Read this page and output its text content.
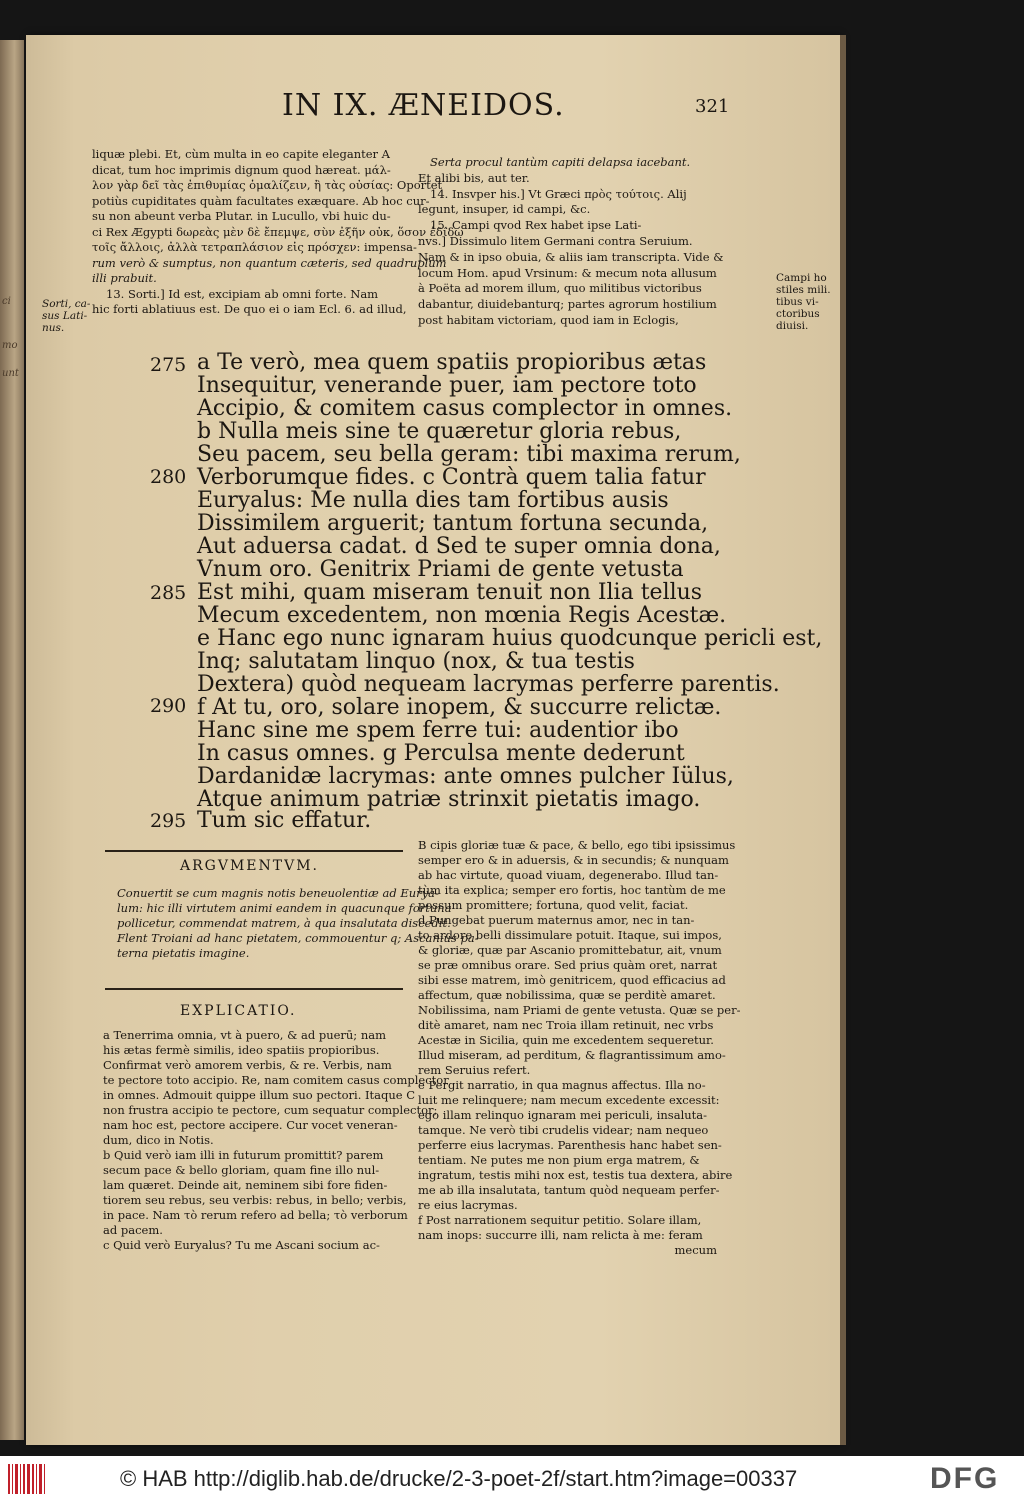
ci
mo
unt
IN IX. ÆNEIDOS.	321
liquæ plebi. Et, cùm multa in eo capite eleganter A
dicat, tum hoc imprimis dignum quod hæreat. μάλ-
λον γὰρ δεῖ τὰς ἐπιθυμίας ὁμαλίζειν, ἢ τὰς οὐσίας: Oportet
potiùs cupiditates quàm facultates exæquare. Ab hoc cur-
su non abeunt verba Plutar. in Lucullo, vbi huic du-
ci Rex Ægypti δωρεὰς μὲν δὲ ἔπεμψε, σὺν ἐξῆν οὐκ, ὅσον ἐδίδω
τοῖς ἄλλοις, ἀλλὰ τετραπλάσιον εἰς πρόσχεν: impensa-
rum verò & sumptus, non quantum cæteris, sed quadruplum
illi prabuit.
13. Sorti.] Id est, excipiam ab omni forte. Nam
hic forti ablatiuus est. De quo ei o iam Ecl. 6. ad illud,
Serta procul tantùm capiti delapsa iacebant.
Et alibi bis, aut ter.
14. Insvper his.] Vt Græci πρὸς τούτοις. Alij
legunt, insuper, id campi, &c.
15. Campi qvod Rex habet ipse Lati-
nvs.] Dissimulo litem Germani contra Seruium.
Nam & in ipso obuia, & aliis iam transcripta. Vide &
locum Hom. apud Vrsinum: & mecum nota allusum
à Poëta ad morem illum, quo militibus victoribus
dabantur, diuidebanturq; partes agrorum hostilium
post habitam victoriam, quod iam in Eclogis,
Sorti, ca-
sus Lati-
nus.
Campi ho
stiles mili.
tibus vi-
ctoribus
diuisi.
275
280
285
290
295
a Te verò, mea quem spatiis propioribus ætas
Insequitur, venerande puer, iam pectore toto
Accipio, & comitem casus complector in omnes.
b Nulla meis sine te quæretur gloria rebus,
Seu pacem, seu bella geram: tibi maxima rerum,
Verborumque fides. c Contrà quem talia fatur
Euryalus: Me nulla dies tam fortibus ausis
Dissimilem arguerit; tantum fortuna secunda,
Aut aduersa cadat. d Sed te super omnia dona,
Vnum oro. Genitrix Priami de gente vetusta
Est mihi, quam miseram tenuit non Ilia tellus
Mecum excedentem, non mœnia Regis Acestæ.
e Hanc ego nunc ignaram huius quodcunque pericli est,
Inq; salutatam linquo (nox, & tua testis
Dextera) quòd nequeam lacrymas perferre parentis.
f At tu, oro, solare inopem, & succurre relictæ.
Hanc sine me spem ferre tui: audentior ibo
In casus omnes. g Perculsa mente dederunt
Dardanidæ lacrymas: ante omnes pulcher Iülus,
Atque animum patriæ strinxit pietatis imago.
Tum sic effatur.
ARGVMENTVM.
Conuertit se cum magnis notis beneuolentiæ ad Eurya-
lum: hic illi virtutem animi eandem in quacunque fortuna
pollicetur, commendat matrem, à qua insalutata discedit.
Flent Troiani ad hanc pietatem, commouentur q; Ascanius pa-
terna pietatis imagine.
EXPLICATIO.
a Tenerrima omnia, vt à puero, & ad puerū; nam
his ætas fermè similis, ideo spatiis propioribus.
Confirmat verò amorem verbis, & re. Verbis, nam
te pectore toto accipio. Re, nam comitem casus complector
in omnes. Admouit quippe illum suo pectori. Itaque C
non frustra accipio te pectore, cum sequatur complector;
nam hoc est, pectore accipere. Cur vocet veneran-
dum, dico in Notis.
b Quid verò iam illi in futurum promittit? parem
secum pace & bello gloriam, quam fine illo nul-
lam quæret. Deinde ait, neminem sibi fore fiden-
tiorem seu rebus, seu verbis: rebus, in bello; verbis,
in pace. Nam τὸ rerum refero ad bella; τὸ verborum
ad pacem.
c Quid verò Euryalus? Tu me Ascani socium ac-
B cipis gloriæ tuæ & pace, & bello, ego tibi ipsissimus
semper ero & in aduersis, & in secundis; & nunquam
ab hac virtute, quoad viuam, degenerabo. Illud tan-
tùm ita explica; semper ero fortis, hoc tantùm de me
possum promittere; fortuna, quod velit, faciat.
d Pungebat puerum maternus amor, nec in tan-
to ardore belli dissimulare potuit. Itaque, sui impos,
& gloriæ, quæ par Ascanio promittebatur, ait, vnum
se præ omnibus orare. Sed prius quàm oret, narrat
sibi esse matrem, imò genitricem, quod efficacius ad
affectum, quæ nobilissima, quæ se perditè amaret.
Nobilissima, nam Priami de gente vetusta. Quæ se per-
ditè amaret, nam nec Troia illam retinuit, nec vrbs
Acestæ in Sicilia, quin me excedentem sequeretur.
Illud miseram, ad perditum, & flagrantissimum amo-
rem Seruius refert.
e Pergit narratio, in qua magnus affectus. Illa no-
luit me relinquere; nam mecum excedente excessit:
ego illam relinquo ignaram mei periculi, insaluta-
tamque. Ne verò tibi crudelis videar; nam nequeo
perferre eius lacrymas. Parenthesis hanc habet sen-
tentiam. Ne putes me non pium erga matrem, &
ingratum, testis mihi nox est, testis tua dextera, abire
me ab illa insalutata, tantum quòd nequeam perfer-
re eius lacrymas.
f Post narrationem sequitur petitio. Solare illam,
nam inops: succurre illi, nam relicta à me: feram
mecum
© HAB http://diglib.hab.de/drucke/2-3-poet-2f/start.htm?image=00337	DFG
